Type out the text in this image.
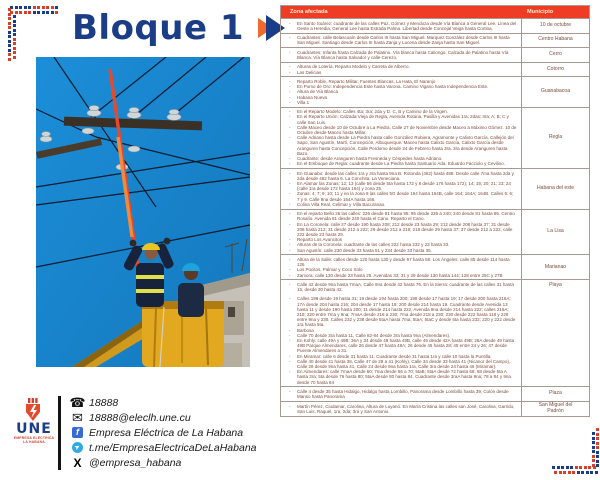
Bloque 1
UNE
EMPRESA ELÉCTRICA
LA HABANA
☎ 18888
✉ 18888@eleclh.une.cu
f Empresa Eléctrica de La Habana
➤ t.me/EmpresaElectricaDeLaHabana
X @empresa_habana
Zona afectada	Municipio
- En Santo Suárez: cuadrante de las calles Paz, Gómez y Mendoza desde Vía Blanca a General Lee. Línea del Oeste a Heredia, General Lee hasta Estrada Palma. Libertad desde Concejal Veiga hasta Cortina.
10 de octubre
- Cuadrantes: calle Belascoaín desde Carlos III hasta San Miguel. Marquez González desde Carlos III hasta San Miguel. Santiago desde Carlos III hasta Zanja y Lucena desde Zanja hasta San Miguel.
Centro Habana
- Cuadrantes: Infanta hasta Calzada de Palatino. Vía blanca hasta Caliongo. Calzada de Palatino hasta Vía Blanca. Vía Blanca hasta Salvador y calle Cerezo.
Cerro
- Alturas de Lotería, Reparto Modelo y Carreta de Alberro.
- Las Delicias
Cotorro
- Reparto Roble, Reparto Militar, Fuentes Blancas, La Hata, El Naranjo
- En Pomo de Oro: Independencia Este hasta Varona. Camino Vigario hasta Independencia Este.
- Altura de Vía Blanca
- Habana Nueva
- Villa 1
Guanabacoa
- En el Reparto Modelo: Calles 4ta; 3ra; 2da y D. C, B y Camino de la Virgen.
- En el Reparto Unión: Calzada Vieja de Regla, Avenida Rotaria, Pasilla y Avenidas 1ra; 2das; 3ra; A; B; C y calle San Luis.
- Calle Maceo desde 10 de Octubre a La Piedra, Calle 27 de Noviembre desde Maceo a Máximo Gómez. 10 de Octubre desde Maceo hasta Millar.
- Calle Adriano hasta desde La Piedra hasta calle González Rubiera, Agramonte y Calixto García. Callejón del Sapo, San Agustín, Martí, Concepción, Albuquerque. Maceo hasta Calixto García, Calixto García desde Aranguren hasta Concepción, Calle Perdomo desde 24 de Febrero hasta 3ra. 3ra desde Aranguren hasta Bazo.
- Cuadrante: desde Aranguren hasta Fresneda y Céspedes hasta Adriano.
- En el Emboque de Regla: cuadrante desde La Piedra hasta Santuario Ada, Eduardo Facciolo y Cevilino.
Regla
- En Guanabo: desde las calles 1ra y 3ra hasta 9na B. Rotonda (462) hasta 488. Desde calle 7ma hasta 2da y 2da desde 462 hasta 6. La Conchita, La Veneciana.
- En Alamar las Zonas: 12; 13 (calle 56 desde 5ta hasta 172 y 8 desde 176 hasta 172); 14; 19; 20; 21; 23; 24 (calle 1ra desde 172 hasta 164) y zona 25.
- Zonas: 4; 7; 9; 10; 11 y en la zona 8 las calles 5G desde 164 hasta 164B, calle 164; 164A; 164B. Calles 5; 6; 7 y 9. Calle 9na desde 164A hasta 166.
- Colina Villa Real, Celimar y Villa Bacuranao.
Habana del este
- En el reparto Bello 26 las calles: 226 desde 91 hasta 95; 95 desde 226 a 240; 240 desde 81 hasta 95. Centro Rosalío. Avenida 81 desde 240 hasta el Cano. Reparto el Cano.
- En La Coronela: calle 27 desde 190 hasta 208; 212 desde 23 hasta 29; 212 desde 208 hasta 37; 31 desde 208 hasta 212; 31 desde 212 a 222; 29 desde 212 a 218; 218 desde 29 hasta 37; 37 desde 212 a 222, calle 222 desde 23 hasta 29.
- Reparto Los Avancitos
- Alturas de la Coronela: cuadrante de las calles 222 hasta 232 y 23 hasta 33.
- San Agustín: calle 230 desde 33 hasta 51 y 234 desde 33 hasta 35.
La Lisa
- Altura de la Salle: calles desde 120 hasta 130 y desde 67 hasta 59. Los Ángeles: calle 85 desde 114 hasta 126
- Los Pocitos, Palmar y Coco Solo
- Zamora: calle 130 desde 23 hasta 25. Avenidas 33; 31 y 29 desde 130 hasta 144; 128 entre 25C y 27B
Marianao
- Calle 42 desde 9na hasta 7maA, Calle 9na desde 42 hasta 76. En la Sierra: cuadrante de las calles 31 hasta 15, desde 30 hasta 42.
- Calles 198 desde 19 hasta 31; 19 desde 194 hasta 200; 198 desde 17 hasta 19; 17 desde 200 hasta 216A; 17A desde 204 hasta 216; 204 desde 17 hasta 19; 200 desde 214 hasta 19. Cuadrante desde Avenida 13 hasta 11 y desde 190 hasta 200; 11 desde 214 hasta 222, Avenida 9na desde 214 hasta 222; calles 216A; 218; 220 entre 7ma y 9na; 7maA desde 216 a 230; 7ma desde 218 a 230; 230 desde 222 hasta 118 y 228 entre 9na y 230. Calles 232 y 238 desde 5taA hasta 7ma; 5taA; 5taC y desde 5ta hasta 232; 220 y 222 desde 1ra hasta 5ta.
- Barbosa
- Calle 70 desde 3ra hasta 11, Calle 82-84 desde 3ra hasta 9na (Almendares).
- En Kohly: calle 49A y 49B; 36A y 34 desde 49 hasta 49B, calle 49 desde 42A hasta 49B; 28A desde 49 hasta 49B Parque Almendares, calle 26 desde 47 hasta 48A; 26 desde 45 hasta 28; 45 entre 24 y 26; 47 desde Puente Almendares a 31.
- En Miramar: calle 6 desde 31 hasta 11. Cuadrante desde 31 hasta 1ra y calle 10 hasta la Puntilla.
- Calle 40 desde 41 hasta 38, Calle 47 de 28 a 41 (Kohly), Calle 34 desde 33 hasta 41 (Nicanor del Campo), Calle 26 desde 9na hasta 41, Calle 24 desde 9na hasta 1ra, Calle 3ra desde 24 hasta 46 (Miramar).
- En Almendares: calle 7maA desde 60; 7ma desde 66 a 70; 5taB; 5taA desde 72 hasta 68; 68 desde 5ta A hasta 3ra; 5ta desde 76 hasta 80; 5taA desde 80 hasta 84. Cuadrante desde 3raA hasta 9na; 78 a 84 y 9na desde 70 hasta 84
Playa
- Calle 4 desde 35 hasta Hidalgo, Hidalgo hasta Lombillo, Panorama desde Lombillo hasta 39, Colón desde Manso hasta Panorama
Plaza
- Martín Pérez, Ciudamar, Carolina, Altura de Luyanó. En María Cristina las calles san José, Carolina, Garrido, San Luis, Raquel, 1ra, 2da; 3ra y San Antonio.
San Miguel del Padrón
